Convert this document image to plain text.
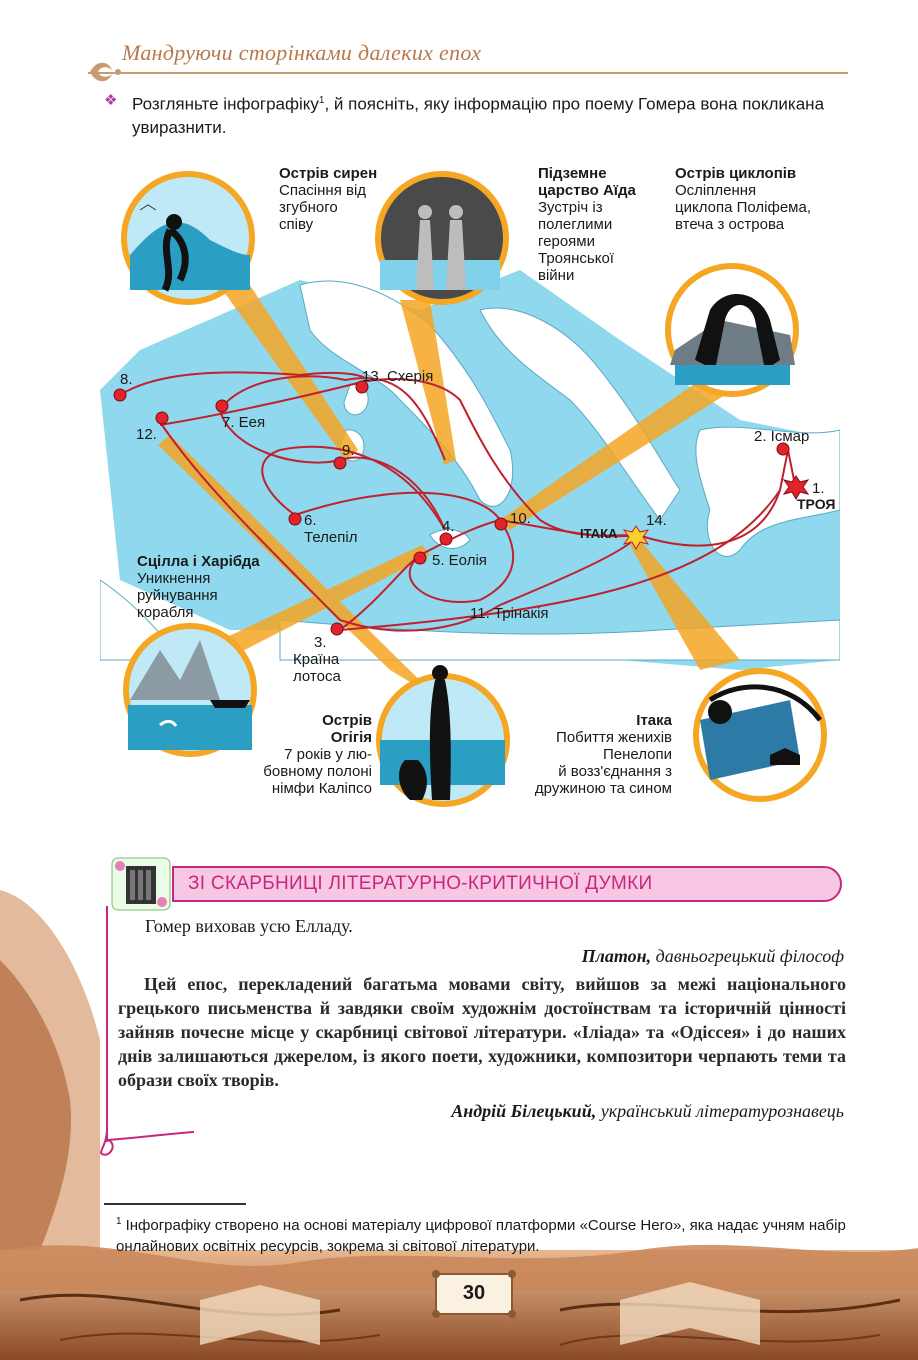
Мандруючи сторінками далеких епох
❖ Розгляньте інфографіку$^1$, й поясніть, яку інформацію про поему Гомера вона покликана увиразнити.
8.	13. Схерія
7. Еея
12.
9.
2. Ісмар
1.
ТРОЯ
6.
Телепіл
4.	10.
ІТАКА
14.
5. Еолія
11. Трінакія
3.
Країна
лотоса
Острів сирен
Спасіння від
згубного
співу
Підземне
царство Аїда
Зустріч із
полеглими
героями
Троянської
війни
Острів циклопів
Осліплення
циклопа Поліфема,
втеча з острова
Сцілла і Харібда
Уникнення
руйнування
корабля
Острів
Огігія
7 років у лю-
бовному полоні
німфи Каліпсо
Ітака
Побиття женихів
Пенелопи
й возз'єднання з
дружиною та сином
ЗІ СКАРБНИЦІ ЛІТЕРАТУРНО-КРИТИЧНОЇ ДУМКИ
Гомер виховав усю Елладу.
Платон, давньогрецький філософ
Цей епос, перекладений багатьма мовами світу, вийшов за межі національного грецького письменства й завдяки своїм художнім достоїнствам та історичній цінності зайняв почесне місце у скарбниці світової літератури. «Іліада» та «Одіссея» і до наших днів залишаються джерелом, із якого поети, художники, композитори черпають теми та образи своїх творів.
Андрій Білецький, український літературознавець
$^1$ Інфографіку створено на основі матеріалу цифрової платформи «Course Hero», яка надає учням набір онлайнових освітніх ресурсів, зокрема зі світової літератури.
30
